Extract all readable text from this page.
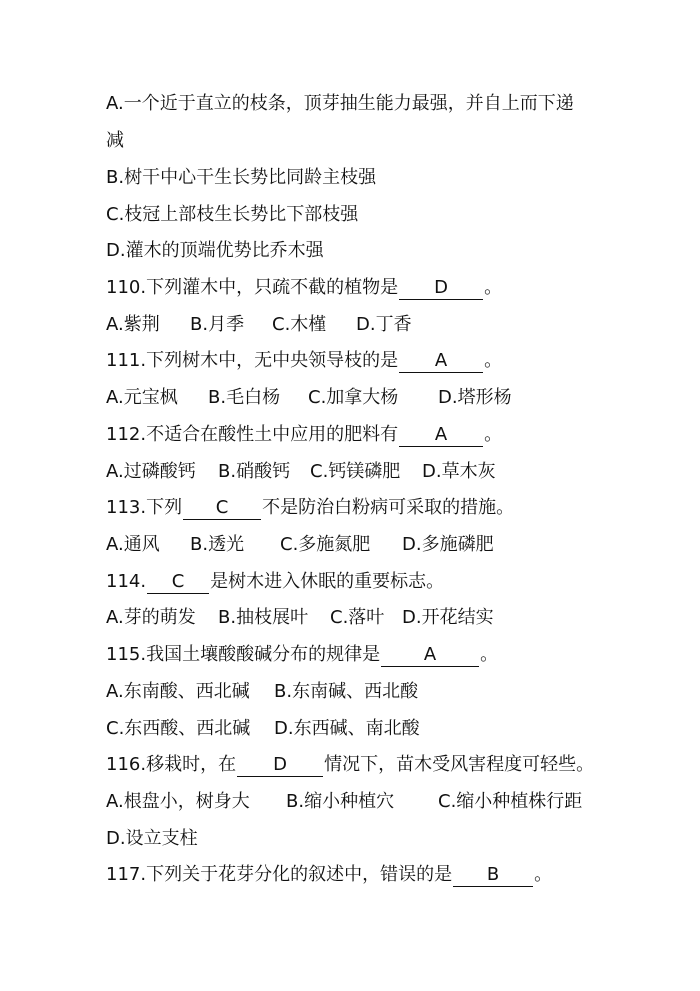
A.一个近于直立的枝条，顶芽抽生能力最强，并自上而下递
减
B.树干中心干生长势比同龄主枝强
C.枝冠上部枝生长势比下部枝强
D.灌木的顶端优势比乔木强
110.下列灌木中，只疏不截的植物是 D 。
A.紫荆 B.月季 C.木槿 D.丁香
111.下列树木中，无中央领导枝的是 A 。
A.元宝枫 B.毛白杨 C.加拿大杨 D.塔形杨
112.不适合在酸性土中应用的肥料有 A 。
A.过磷酸钙 B.硝酸钙 C.钙镁磷肥 D.草木灰
113.下列 C 不是防治白粉病可采取的措施。
A.通风 B.透光 C.多施氮肥 D.多施磷肥
114. C 是树木进入休眠的重要标志。
A.芽的萌发 B.抽枝展叶 C.落叶 D.开花结实
115.我国土壤酸酸碱分布的规律是 A 。
A.东南酸、西北碱 B.东南碱、西北酸
C.东西酸、西北碱 D.东西碱、南北酸
116.移栽时，在 D 情况下，苗木受风害程度可轻些。
A.根盘小，树身大 B.缩小种植穴 C.缩小种植株行距
D.设立支柱
117.下列关于花芽分化的叙述中，错误的是 B 。
